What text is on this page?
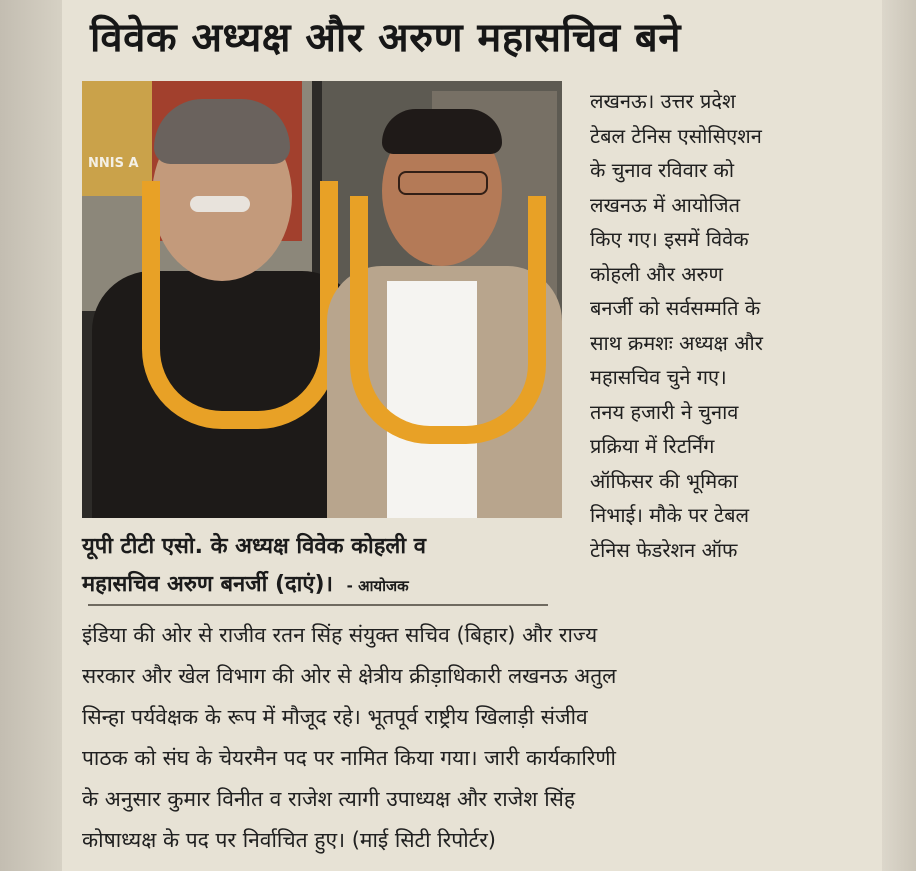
विवेक अध्यक्ष और अरुण महासचिव बने
NNIS A
यूपी टीटी एसो. के अध्यक्ष विवेक कोहली व
महासचिव अरुण बनर्जी (दाएं)। - आयोजक
लखनऊ। उत्तर प्रदेश
टेबल टेनिस एसोसिएशन
के चुनाव रविवार को
लखनऊ में आयोजित
किए गए। इसमें विवेक
कोहली और अरुण
बनर्जी को सर्वसम्मति के
साथ क्रमशः अध्यक्ष और
महासचिव चुने गए।
तनय हजारी ने चुनाव
प्रक्रिया में रिटर्निंग
ऑफिसर की भूमिका
निभाई। मौके पर टेबल
टेनिस फेडरेशन ऑफ
इंडिया की ओर से राजीव रतन सिंह संयुक्त सचिव (बिहार) और राज्य
सरकार और खेल विभाग की ओर से क्षेत्रीय क्रीड़ाधिकारी लखनऊ अतुल
सिन्हा पर्यवेक्षक के रूप में मौजूद रहे। भूतपूर्व राष्ट्रीय खिलाड़ी संजीव
पाठक को संघ के चेयरमैन पद पर नामित किया गया। जारी कार्यकारिणी
के अनुसार कुमार विनीत व राजेश त्यागी उपाध्यक्ष और राजेश सिंह
कोषाध्यक्ष के पद पर निर्वाचित हुए। (माई सिटी रिपोर्टर)
